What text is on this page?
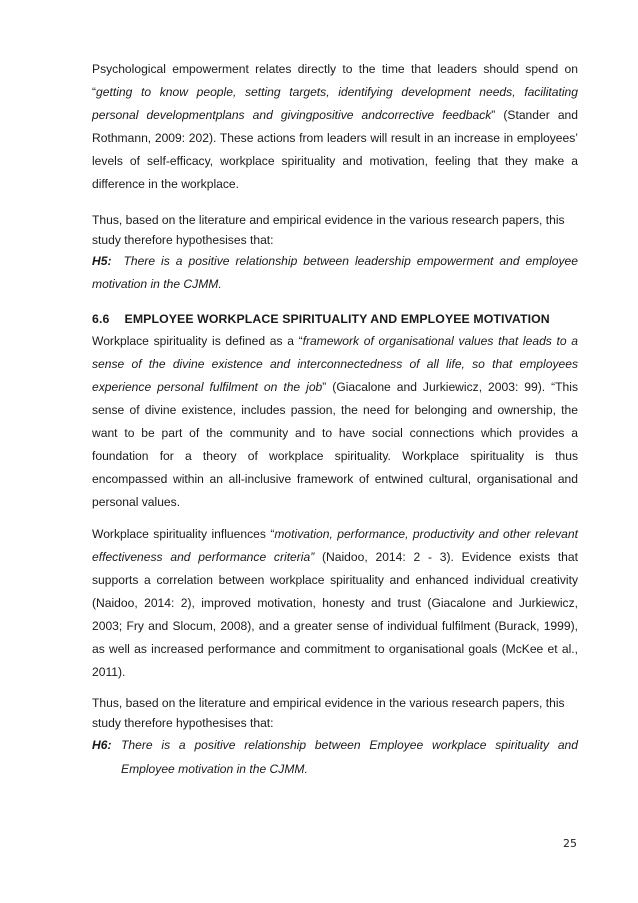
Psychological empowerment relates directly to the time that leaders should spend on “getting to know people, setting targets, identifying development needs, facilitating personal developmentplans and givingpositive andcorrective feedback” (Stander and Rothmann, 2009: 202). These actions from leaders will result in an increase in employees’ levels of self-efficacy, workplace spirituality and motivation, feeling that they make a difference in the workplace.

Thus, based on the literature and empirical evidence in the various research papers, this study therefore hypothesises that:

H5: There is a positive relationship between leadership empowerment and employee motivation in the CJMM.

6.6 EMPLOYEE WORKPLACE SPIRITUALITY AND EMPLOYEE MOTIVATION

Workplace spirituality is defined as a “framework of organisational values that leads to a sense of the divine existence and interconnectedness of all life, so that employees experience personal fulfilment on the job” (Giacalone and Jurkiewicz, 2003: 99). “This sense of divine existence, includes passion, the need for belonging and ownership, the want to be part of the community and to have social connections which provides a foundation for a theory of workplace spirituality. Workplace spirituality is thus encompassed within an all-inclusive framework of entwined cultural, organisational and personal values.

Workplace spirituality influences “motivation, performance, productivity and other relevant effectiveness and performance criteria” (Naidoo, 2014: 2 - 3). Evidence exists that supports a correlation between workplace spirituality and enhanced individual creativity (Naidoo, 2014: 2), improved motivation, honesty and trust (Giacalone and Jurkiewicz, 2003; Fry and Slocum, 2008), and a greater sense of individual fulfilment (Burack, 1999), as well as increased performance and commitment to organisational goals (McKee et al., 2011).

Thus, based on the literature and empirical evidence in the various research papers, this study therefore hypothesises that:

H6: There is a positive relationship between Employee workplace spirituality and Employee motivation in the CJMM.

25
